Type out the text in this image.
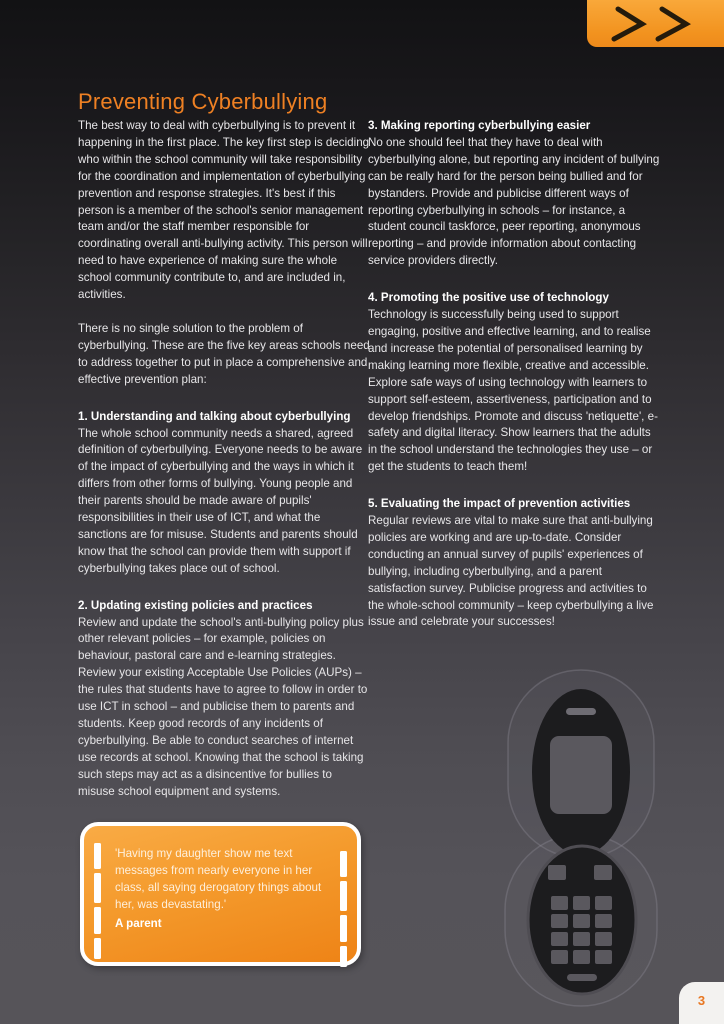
Preventing Cyberbullying

The best way to deal with cyberbullying is to prevent it happening in the first place. The key first step is deciding who within the school community will take responsibility for the coordination and implementation of cyberbullying prevention and response strategies. It's best if this person is a member of the school's senior management team and/or the staff member responsible for coordinating overall anti-bullying activity. This person will need to have experience of making sure the whole school community contribute to, and are included in, activities.

There is no single solution to the problem of cyberbullying. These are the five key areas schools need to address together to put in place a comprehensive and effective prevention plan:

1. Understanding and talking about cyberbullying

The whole school community needs a shared, agreed definition of cyberbullying. Everyone needs to be aware of the impact of cyberbullying and the ways in which it differs from other forms of bullying. Young people and their parents should be made aware of pupils' responsibilities in their use of ICT, and what the sanctions are for misuse. Students and parents should know that the school can provide them with support if cyberbullying takes place out of school.

2. Updating existing policies and practices

Review and update the school's anti-bullying policy plus other relevant policies – for example, policies on behaviour, pastoral care and e-learning strategies. Review your existing Acceptable Use Policies (AUPs) – the rules that students have to agree to follow in order to use ICT in school – and publicise them to parents and students. Keep good records of any incidents of cyberbullying. Be able to conduct searches of internet use records at school. Knowing that the school is taking such steps may act as a disincentive for bullies to misuse school equipment and systems.

3. Making reporting cyberbullying easier

No one should feel that they have to deal with cyberbullying alone, but reporting any incident of bullying can be really hard for the person being bullied and for bystanders. Provide and publicise different ways of reporting cyberbullying in schools – for instance, a student council taskforce, peer reporting, anonymous reporting – and provide information about contacting service providers directly.

4. Promoting the positive use of technology

Technology is successfully being used to support engaging, positive and effective learning, and to realise and increase the potential of personalised learning by making learning more flexible, creative and accessible. Explore safe ways of using technology with learners to support self-esteem, assertiveness, participation and to develop friendships. Promote and discuss 'netiquette', e-safety and digital literacy. Show learners that the adults in the school understand the technologies they use – or get the students to teach them!

5. Evaluating the impact of prevention activities

Regular reviews are vital to make sure that anti-bullying policies are working and are up-to-date. Consider conducting an annual survey of pupils' experiences of bullying, including cyberbullying, and a parent satisfaction survey. Publicise progress and activities to the whole-school community – keep cyberbullying a live issue and celebrate your successes!

'Having my daughter show me text messages from nearly everyone in her class, all saying derogatory things about her, was devastating.'
A parent

3
